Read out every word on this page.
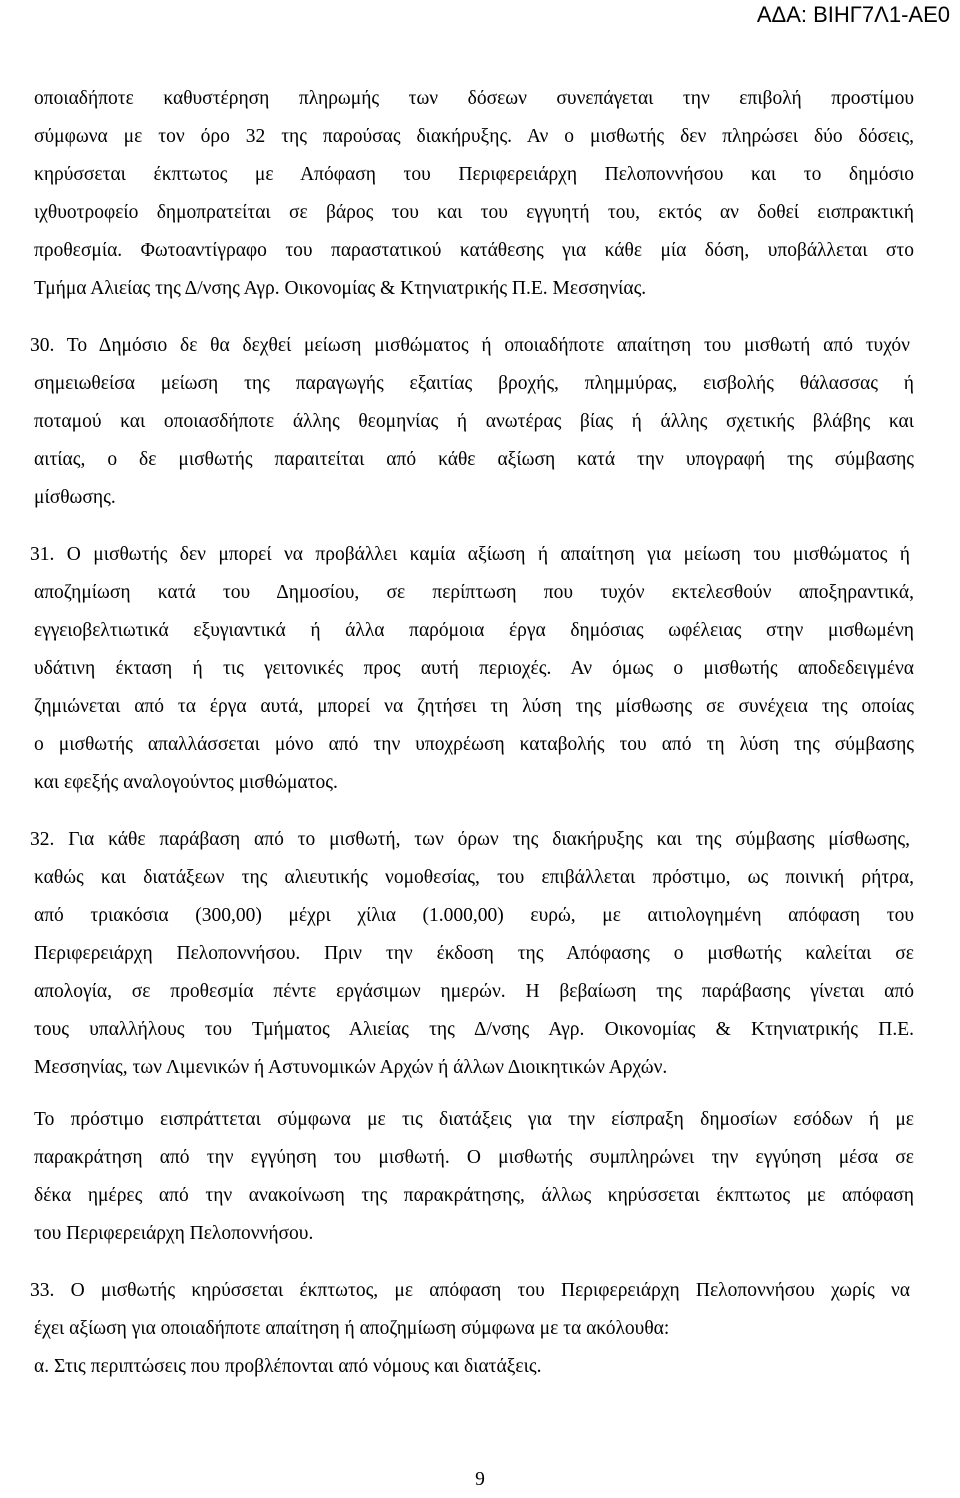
ΑΔΑ: ΒΙΗΓ7Λ1-ΑΕ0
οποιαδήποτε καθυστέρηση πληρωμής των δόσεων συνεπάγεται την επιβολή προστίμου
σύμφωνα με τον όρο 32 της παρούσας διακήρυξης. Αν ο μισθωτής δεν πληρώσει δύο δόσεις,
κηρύσσεται έκπτωτος με Απόφαση του Περιφερειάρχη Πελοποννήσου και το δημόσιο
ιχθυοτροφείο δημοπρατείται σε βάρος του και του εγγυητή του, εκτός αν δοθεί εισπρακτική
προθεσμία. Φωτοαντίγραφο του παραστατικού κατάθεσης για κάθε μία δόση, υποβάλλεται στο
Τμήμα Αλιείας της Δ/νσης Αγρ. Οικονομίας & Κτηνιατρικής Π.Ε. Μεσσηνίας.
30. Το Δημόσιο δε θα δεχθεί μείωση μισθώματος ή οποιαδήποτε απαίτηση του μισθωτή από τυχόν
σημειωθείσα μείωση της παραγωγής εξαιτίας βροχής, πλημμύρας, εισβολής θάλασσας ή
ποταμού και οποιασδήποτε άλλης θεομηνίας ή ανωτέρας βίας ή άλλης σχετικής βλάβης και
αιτίας, ο δε μισθωτής παραιτείται από κάθε αξίωση κατά την υπογραφή της σύμβασης
μίσθωσης.
31. Ο μισθωτής δεν μπορεί να προβάλλει καμία αξίωση ή απαίτηση για μείωση του μισθώματος ή
αποζημίωση κατά του Δημοσίου, σε περίπτωση που τυχόν εκτελεσθούν αποξηραντικά,
εγγειοβελτιωτικά εξυγιαντικά ή άλλα παρόμοια έργα δημόσιας ωφέλειας στην μισθωμένη
υδάτινη έκταση ή τις γειτονικές προς αυτή περιοχές. Αν όμως ο μισθωτής αποδεδειγμένα
ζημιώνεται από τα έργα αυτά, μπορεί να ζητήσει τη λύση της μίσθωσης σε συνέχεια της οποίας
ο μισθωτής απαλλάσσεται μόνο από την υποχρέωση καταβολής του από τη λύση της σύμβασης
και εφεξής αναλογούντος μισθώματος.
32. Για κάθε παράβαση από το μισθωτή, των όρων της διακήρυξης και της σύμβασης μίσθωσης,
καθώς και διατάξεων της αλιευτικής νομοθεσίας, του επιβάλλεται πρόστιμο, ως ποινική ρήτρα,
από τριακόσια (300,00) μέχρι χίλια (1.000,00) ευρώ, με αιτιολογημένη απόφαση του
Περιφερειάρχη Πελοποννήσου. Πριν την έκδοση της Απόφασης ο μισθωτής καλείται σε
απολογία, σε προθεσμία πέντε εργάσιμων ημερών. Η βεβαίωση της παράβασης γίνεται από
τους υπαλλήλους του Τμήματος Αλιείας της Δ/νσης Αγρ. Οικονομίας & Κτηνιατρικής Π.Ε.
Μεσσηνίας, των Λιμενικών ή Αστυνομικών Αρχών ή άλλων Διοικητικών Αρχών.
Το πρόστιμο εισπράττεται σύμφωνα με τις διατάξεις για την είσπραξη δημοσίων εσόδων ή με
παρακράτηση από την εγγύηση του μισθωτή. Ο μισθωτής συμπληρώνει την εγγύηση μέσα σε
δέκα ημέρες από την ανακοίνωση της παρακράτησης, άλλως κηρύσσεται έκπτωτος με απόφαση
του Περιφερειάρχη Πελοποννήσου.
33. Ο μισθωτής κηρύσσεται έκπτωτος, με απόφαση του Περιφερειάρχη Πελοποννήσου χωρίς να
έχει αξίωση για οποιαδήποτε απαίτηση ή αποζημίωση σύμφωνα με τα ακόλουθα:
α. Στις περιπτώσεις που προβλέπονται από νόμους και διατάξεις.
9
